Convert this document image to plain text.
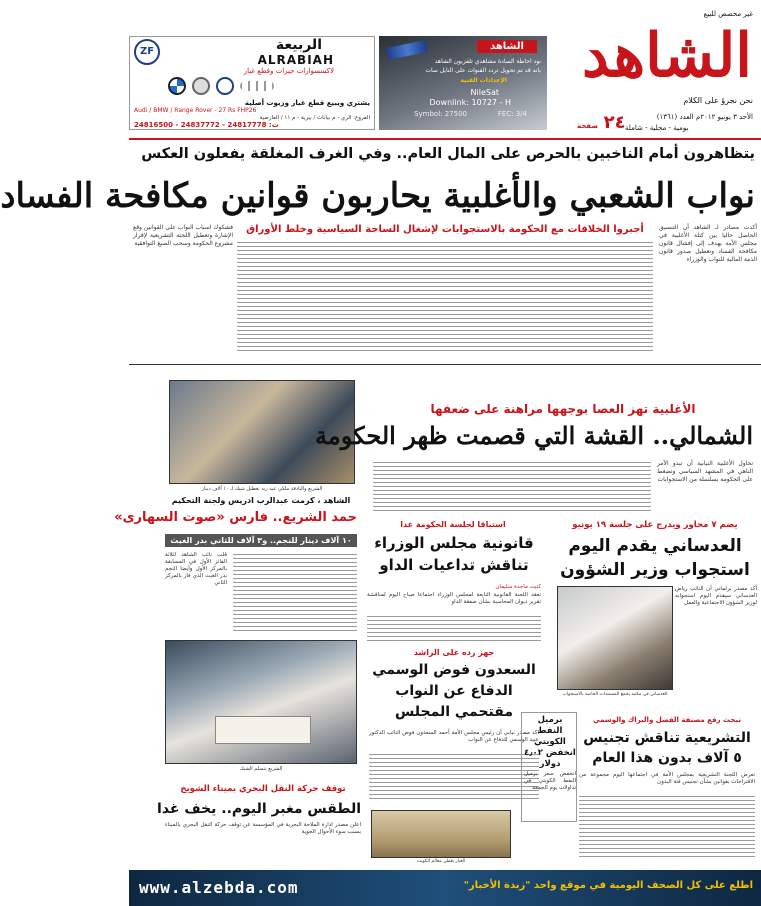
غير مخصص للبيع
الشاهد
نحن نجرؤ على الكلام
الأحد ٣ يونيو ٢٠١٢م العدد (١٣٦١)
يومية - محلية - شاملة
٢٤ صفحة
الشاهد
نود احاطة السادة مشاهدي تلفزيون الشاهد
بانه قد تم تحويل تردد القنوات على النايل سات
الإعدادات الفنية
NileSat
Downlink: 10727 - H
Symbol: 27500	FEC: 3/4
ZF	الربيعة
ALRABIAH
لاكسسوارات جيرات وقطع غيار
يشتري ويبيع قطع غيار وزيوت أصلية
Audi / BMW / Range Rover - 27 Rs FHP26
الفروع: الري - م بيانات / بيرية - م ١١ / العارضية
24816500 - 24837772 - 24817778 :ت
يتظاهرون أمام الناخبين بالحرص على المال العام.. وفي الغرف المغلقة يفعلون العكس
نواب الشعبي والأغلبية يحاربون قوانين مكافحة الفساد
أكدت مصادر لـ الشاهد أن التنسيق الحاصل حاليا بين كتلة الأغلبية في مجلس الأمة يهدف إلى إفشال قانون مكافحة الفساد وتعطيل صدور قانون الذمة المالية للنواب والوزراء
أجبروا الخلافات مع الحكومة بالاستجوابات لإشغال الساحة السياسية وخلط الأوراق
فشكوك اسباب النواب على القوانين وقع الإشارة وتعطيل اللجنة التشريعية لإقرار مشروع الحكومة وسحب الصيغ التوافقية
الشريع والنادقة ملكي عبد ربه تغطيل شيك لـ ١٠ آلاف دينار
الشاهد ، كرمت عبدالرب ادريس ولجنة التحكيم
حمد الشريع.. فارس «صوت السهارى»
١٠ آلاف دينار للنجم.. و٣ آلاف للثاني بدر الغيث
قلب نائب الشاهد لثلاثة الفائز الأول في المسابقة بالمركز الأول وأيضا النجم بدر الغيث الذي فاز بالمركز الثاني
الشريع يتسلم الشيك
الأغلبية تهز العصا بوجهها مراهنة على ضعفها
الشمالي.. القشة التي قصمت ظهر الحكومة
تحاول الأغلبية النيابية أن تبدو الآمر الناهي في المشهد السياسي وتضغط على الحكومة بسلسلة من الاستجوابات
يضم ٧ محاور ويدرج على جلسة ١٩ يونيو
العدساني يقدم اليوم
استجواب وزير الشؤون
أكد مصدر برلماني أن النائب رياض العدساني سيقدم اليوم استجوابه لوزير الشؤون الاجتماعية والعمل
العدساني في مكتبه يجمع المستندات الخاصة بالاستجواب
استباقا لجلسة الحكومة غدا
قانونية مجلس الوزراء تناقش تداعيات الداو
كتبت ماجدة سليمان
تعقد اللجنة القانونية التابعة لمجلس الوزراء اجتماعا صباح اليوم لمناقشة تقرير ديوان المحاسبة بشأن صفقة الداو
جهز رده على الراشد
السعدون فوض الوسمي الدفاع عن النواب مقتحمي المجلس
اكد مصدر نيابي أن رئيس مجلس الأمة أحمد السعدون فوض النائب الدكتور عبيد الوسمي للدفاع عن النواب
برميل النفط الكويتي انخفض ٤٫٠٢ دولار
انخفض سعر برميل النفط الكويتي في تداولات يوم الجمعة
تبحث رفع مصنفة الفضل والبراك والوسمي
التشريعية تناقش تجنيس
٥ آلاف بدون هذا العام
تعرض اللجنة التشريعية بمجلس الأمة في اجتماعها اليوم مجموعة من الاقتراحات بقوانين بشأن تجنيس فئة البدون
توقف حركة النقل البحري بميناء الشويخ
الطقس مغبر اليوم.. يخف غدا
اعلن مصدر ادارة الملاحة البحرية في المؤسسة عن توقف حركة النقل البحري بالميناء بسبب سوء الأحوال الجوية
الغبار يغطي معالم الكويت
www.alzebda.com	اطلع على كل الصحف اليومية في موقع واحد "زبدة الأخبار"
